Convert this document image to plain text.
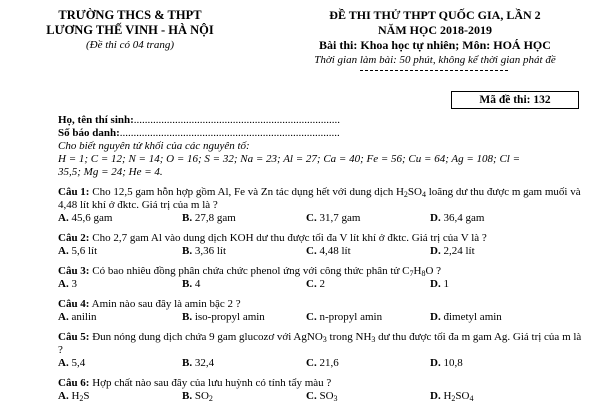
TRƯỜNG THCS & THPT
LƯƠNG THẾ VINH - HÀ NỘI
(Đề thi có 04 trang)
ĐỀ THI THỬ THPT QUỐC GIA, LẦN 2
NĂM HỌC 2018-2019
Bài thi: Khoa học tự nhiên; Môn: HOÁ HỌC
Thời gian làm bài: 50 phút, không kể thời gian phát đề
Mã đề thi: 132
Họ, tên thí sinh:...........................................................................
Số báo danh:................................................................................
Cho biết nguyên tử khối của các nguyên tố:
H = 1; C = 12; N = 14; O = 16; S = 32; Na = 23; Al = 27; Ca = 40; Fe = 56; Cu = 64; Ag = 108; Cl =
35,5; Mg = 24; He = 4.
Câu 1: Cho 12,5 gam hỗn hợp gồm Al, Fe và Zn tác dụng hết với dung dịch $H_2SO_4$ loãng dư thu được m gam muối và 4,48 lít khí ở đktc. Giá trị của m là ?
A. 45,6 gam	B. 27,8 gam	C. 31,7 gam	D. 36,4 gam
Câu 2: Cho 2,7 gam Al vào dung dịch KOH dư thu được tối đa V lít khí ở đktc. Giá trị của V là ?
A. 5,6 lít	B. 3,36 lít	C. 4,48 lít	D. 2,24 lít
Câu 3: Có bao nhiêu đồng phân chứa chức phenol ứng với công thức phân tử $C_7H_8O$ ?
A. 3	B. 4	C. 2	D. 1
Câu 4: Amin nào sau đây là amin bậc 2 ?
A. anilin	B. iso-propyl amin	C. n-propyl amin	D. đimetyl amin
Câu 5: Đun nóng dung dịch chứa 9 gam glucozơ với AgNO$_3$ trong $NH_3$ dư thu được tối đa m gam Ag. Giá trị của m là ?
A. 5,4	B. 32,4	C. 21,6	D. 10,8
Câu 6: Hợp chất nào sau đây của lưu huỳnh có tính tẩy màu ?
A. $H_2S$	B. $SO_2$	C. $SO_3$	D. $H_2SO_4$
